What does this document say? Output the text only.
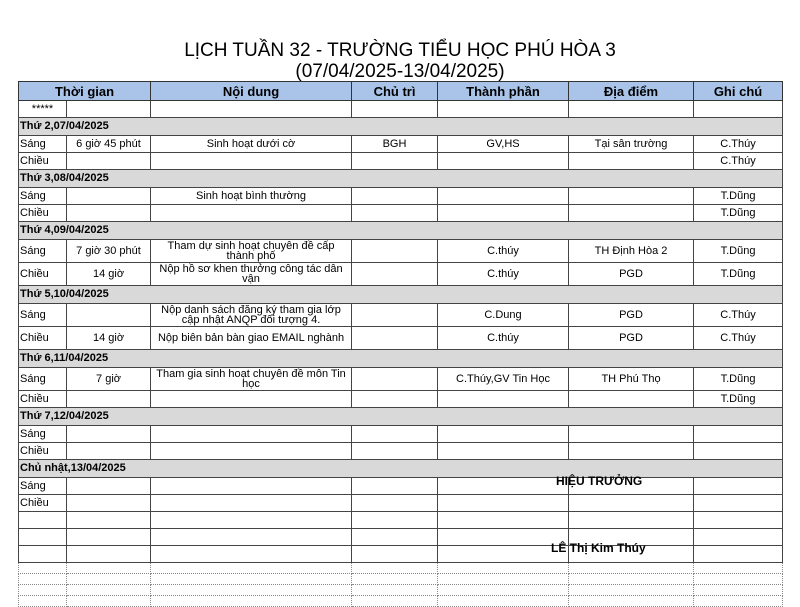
LỊCH TUẦN 32 - TRƯỜNG TIỂU HỌC PHÚ HÒA 3
(07/04/2025-13/04/2025)
Thời gian		Nội dung	Chủ trì	Thành phần	Địa điểm	Ghi chú
*****						
Thứ 2,07/04/2025						
Sáng	6 giờ 45 phút	Sinh hoạt dưới cờ	BGH	GV,HS	Tại sân trường	C.Thúy
Chiều						C.Thúy
Thứ 3,08/04/2025						
Sáng		Sinh hoạt bình thường				T.Dũng
Chiều						T.Dũng
Thứ 4,09/04/2025						
Sáng	7 giờ 30 phút	Tham dự sinh hoạt chuyên đề cấp thành phố		C.thúy	TH Định Hòa 2	T.Dũng
Chiều	14 giờ	Nộp hồ sơ khen thưởng công tác dân vận		C.thúy	PGD	T.Dũng
Thứ 5,10/04/2025						
Sáng		Nộp danh sách đăng ký tham gia lớp cập nhật ANQP đối tượng 4.		C.Dung	PGD	C.Thúy
Chiều	14 giờ	Nộp biên bản bàn giao EMAIL nghành		C.thúy	PGD	C.Thúy
Thứ 6,11/04/2025						
Sáng	7 giờ	Tham gia sinh hoạt chuyên đề môn Tin học		C.Thúy,GV Tin Học	TH Phú Thọ	T.Dũng
Chiều						T.Dũng
Thứ 7,12/04/2025						
Sáng						
Chiều						
Chủ nhật,13/04/2025						
Sáng						
Chiều						

HIỆU TRƯỞNG
LÊ Thị Kim Thúy
